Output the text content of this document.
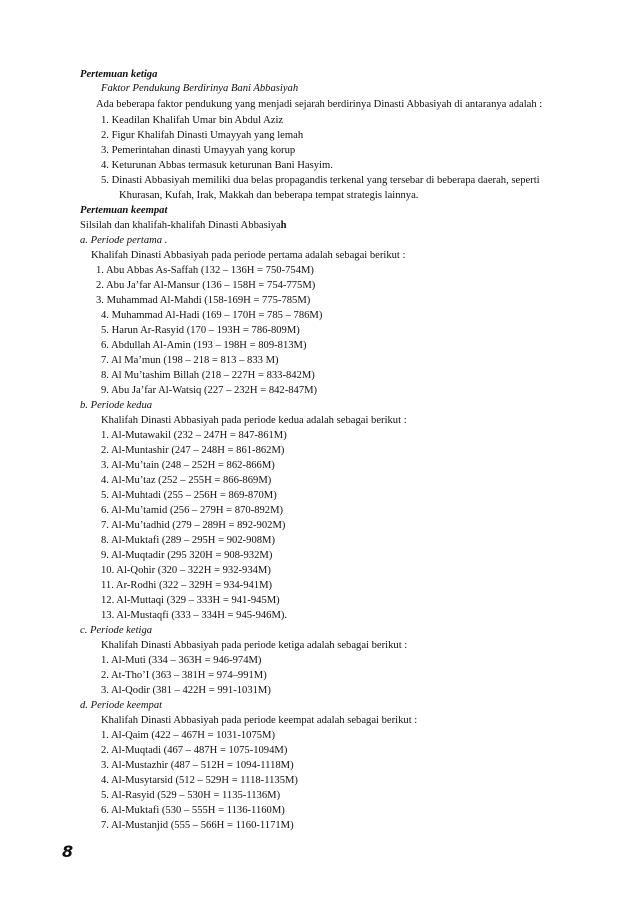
Pertemuan ketiga
Faktor Pendukung Berdirinya Bani Abbasiyah
Ada beberapa faktor pendukung yang menjadi sejarah berdirinya Dinasti Abbasiyah di antaranya adalah :
1. Keadilan Khalifah Umar bin Abdul Aziz
2. Figur Khalifah Dinasti Umayyah yang lemah
3. Pemerintahan dinasti Umayyah yang korup
4. Keturunan Abbas termasuk keturunan Bani Hasyim.
5. Dinasti Abbasiyah memiliki dua belas propagandis terkenal yang tersebar di beberapa daerah, seperti
Khurasan, Kufah, Irak, Makkah dan beberapa tempat strategis lainnya.
Pertemuan keempat
Silsilah dan khalifah-khalifah Dinasti Abbasiyah
a. Periode pertama .
Khalifah Dinasti Abbasiyah pada periode pertama adalah sebagai berikut :
1. Abu Abbas As-Saffah (132 – 136H = 750-754M)
2. Abu Ja’far Al-Mansur (136 – 158H = 754-775M)
3. Muhammad Al-Mahdi (158-169H = 775-785M)
4. Muhammad Al-Hadi (169 – 170H = 785 – 786M)
5. Harun Ar-Rasyid (170 – 193H = 786-809M)
6. Abdullah Al-Amin (193 – 198H = 809-813M)
7. Al Ma’mun (198 – 218 = 813 – 833 M)
8. Al Mu’tashim Billah (218 – 227H = 833-842M)
9. Abu Ja’far Al-Watsiq (227 – 232H = 842-847M)
b. Periode kedua
Khalifah Dinasti Abbasiyah pada periode kedua adalah sebagai berikut :
1. Al-Mutawakil (232 – 247H = 847-861M)
2. Al-Muntashir (247 – 248H = 861-862M)
3. Al-Mu’tain (248 – 252H = 862-866M)
4. Al-Mu’taz (252 – 255H = 866-869M)
5. Al-Muhtadi (255 – 256H = 869-870M)
6. Al-Mu’tamid (256 – 279H = 870-892M)
7. Al-Mu’tadhid (279 – 289H = 892-902M)
8. Al-Muktafi (289 – 295H = 902-908M)
9. Al-Muqtadir (295 320H = 908-932M)
10. Al-Qohir (320 – 322H = 932-934M)
11. Ar-Rodhi (322 – 329H = 934-941M)
12. Al-Muttaqi (329 – 333H = 941-945M)
13. Al-Mustaqfi (333 – 334H = 945-946M).
c. Periode ketiga
Khalifah Dinasti Abbasiyah pada periode ketiga adalah sebagai berikut :
1. Al-Muti (334 – 363H = 946-974M)
2. At-Tho’I (363 – 381H = 974–991M)
3. Al-Qodir (381 – 422H = 991-1031M)
d. Periode keempat
Khalifah Dinasti Abbasiyah pada periode keempat adalah sebagai berikut :
1. Al-Qaim (422 – 467H = 1031-1075M)
2. Al-Muqtadi (467 – 487H = 1075-1094M)
3. Al-Mustazhir (487 – 512H = 1094-1118M)
4. Al-Musytarsid (512 – 529H = 1118-1135M)
5. Al-Rasyid (529 – 530H = 1135-1136M)
6. Al-Muktafi (530 – 555H = 1136-1160M)
7. Al-Mustanjid (555 – 566H = 1160-1171M)
8
